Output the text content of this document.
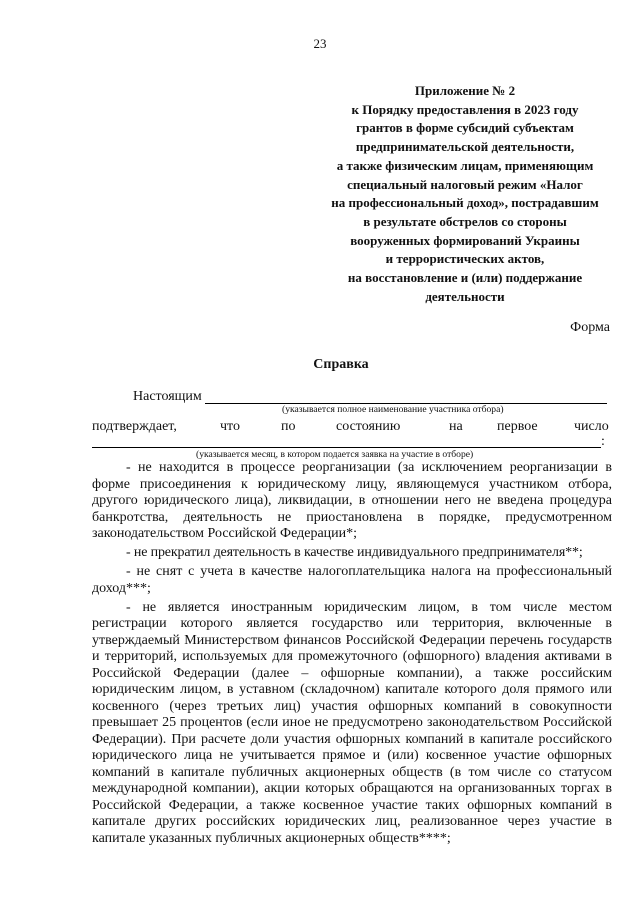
23
Приложение № 2
к Порядку предоставления в 2023 году
грантов в форме субсидий субъектам
предпринимательской деятельности,
а также физическим лицам, применяющим
специальный налоговый режим «Налог
на профессиональный доход», пострадавшим
в результате обстрелов со стороны
вооруженных формирований Украины
и террористических актов,
на восстановление и (или) поддержание
деятельности
Форма
Справка
Настоящим
(указывается полное наименование участника отбора)
подтверждает,	что	по	состоянию	на первое	число
:
(указывается месяц, в котором подается заявка на участие в отборе)

- не находится в процессе реорганизации (за исключением реорганизации в форме присоединения к юридическому лицу, являющемуся участником отбора, другого юридического лица), ликвидации, в отношении него не введена процедура банкротства, деятельность не приостановлена в порядке, предусмотренном законодательством Российской Федерации*;

- не прекратил деятельность в качестве индивидуального предпринимателя**;

- не снят с учета в качестве налогоплательщика налога на профессиональный доход***;

- не является иностранным юридическим лицом, в том числе местом регистрации которого является государство или территория, включенные в утверждаемый Министерством финансов Российской Федерации перечень государств и территорий, используемых для промежуточного (офшорного) владения активами в Российской Федерации (далее – офшорные компании), а также российским юридическим лицом, в уставном (складочном) капитале которого доля прямого или косвенного (через третьих лиц) участия офшорных компаний в совокупности превышает 25 процентов (если иное не предусмотрено законодательством Российской Федерации). При расчете доли участия офшорных компаний в капитале российского юридического лица не учитывается прямое и (или) косвенное участие офшорных компаний в капитале публичных акционерных обществ (в том числе со статусом международной компании), акции которых обращаются на организованных торгах в Российской Федерации, а также косвенное участие таких офшорных компаний в капитале других российских юридических лиц, реализованное через участие в капитале указанных публичных акционерных обществ****;
